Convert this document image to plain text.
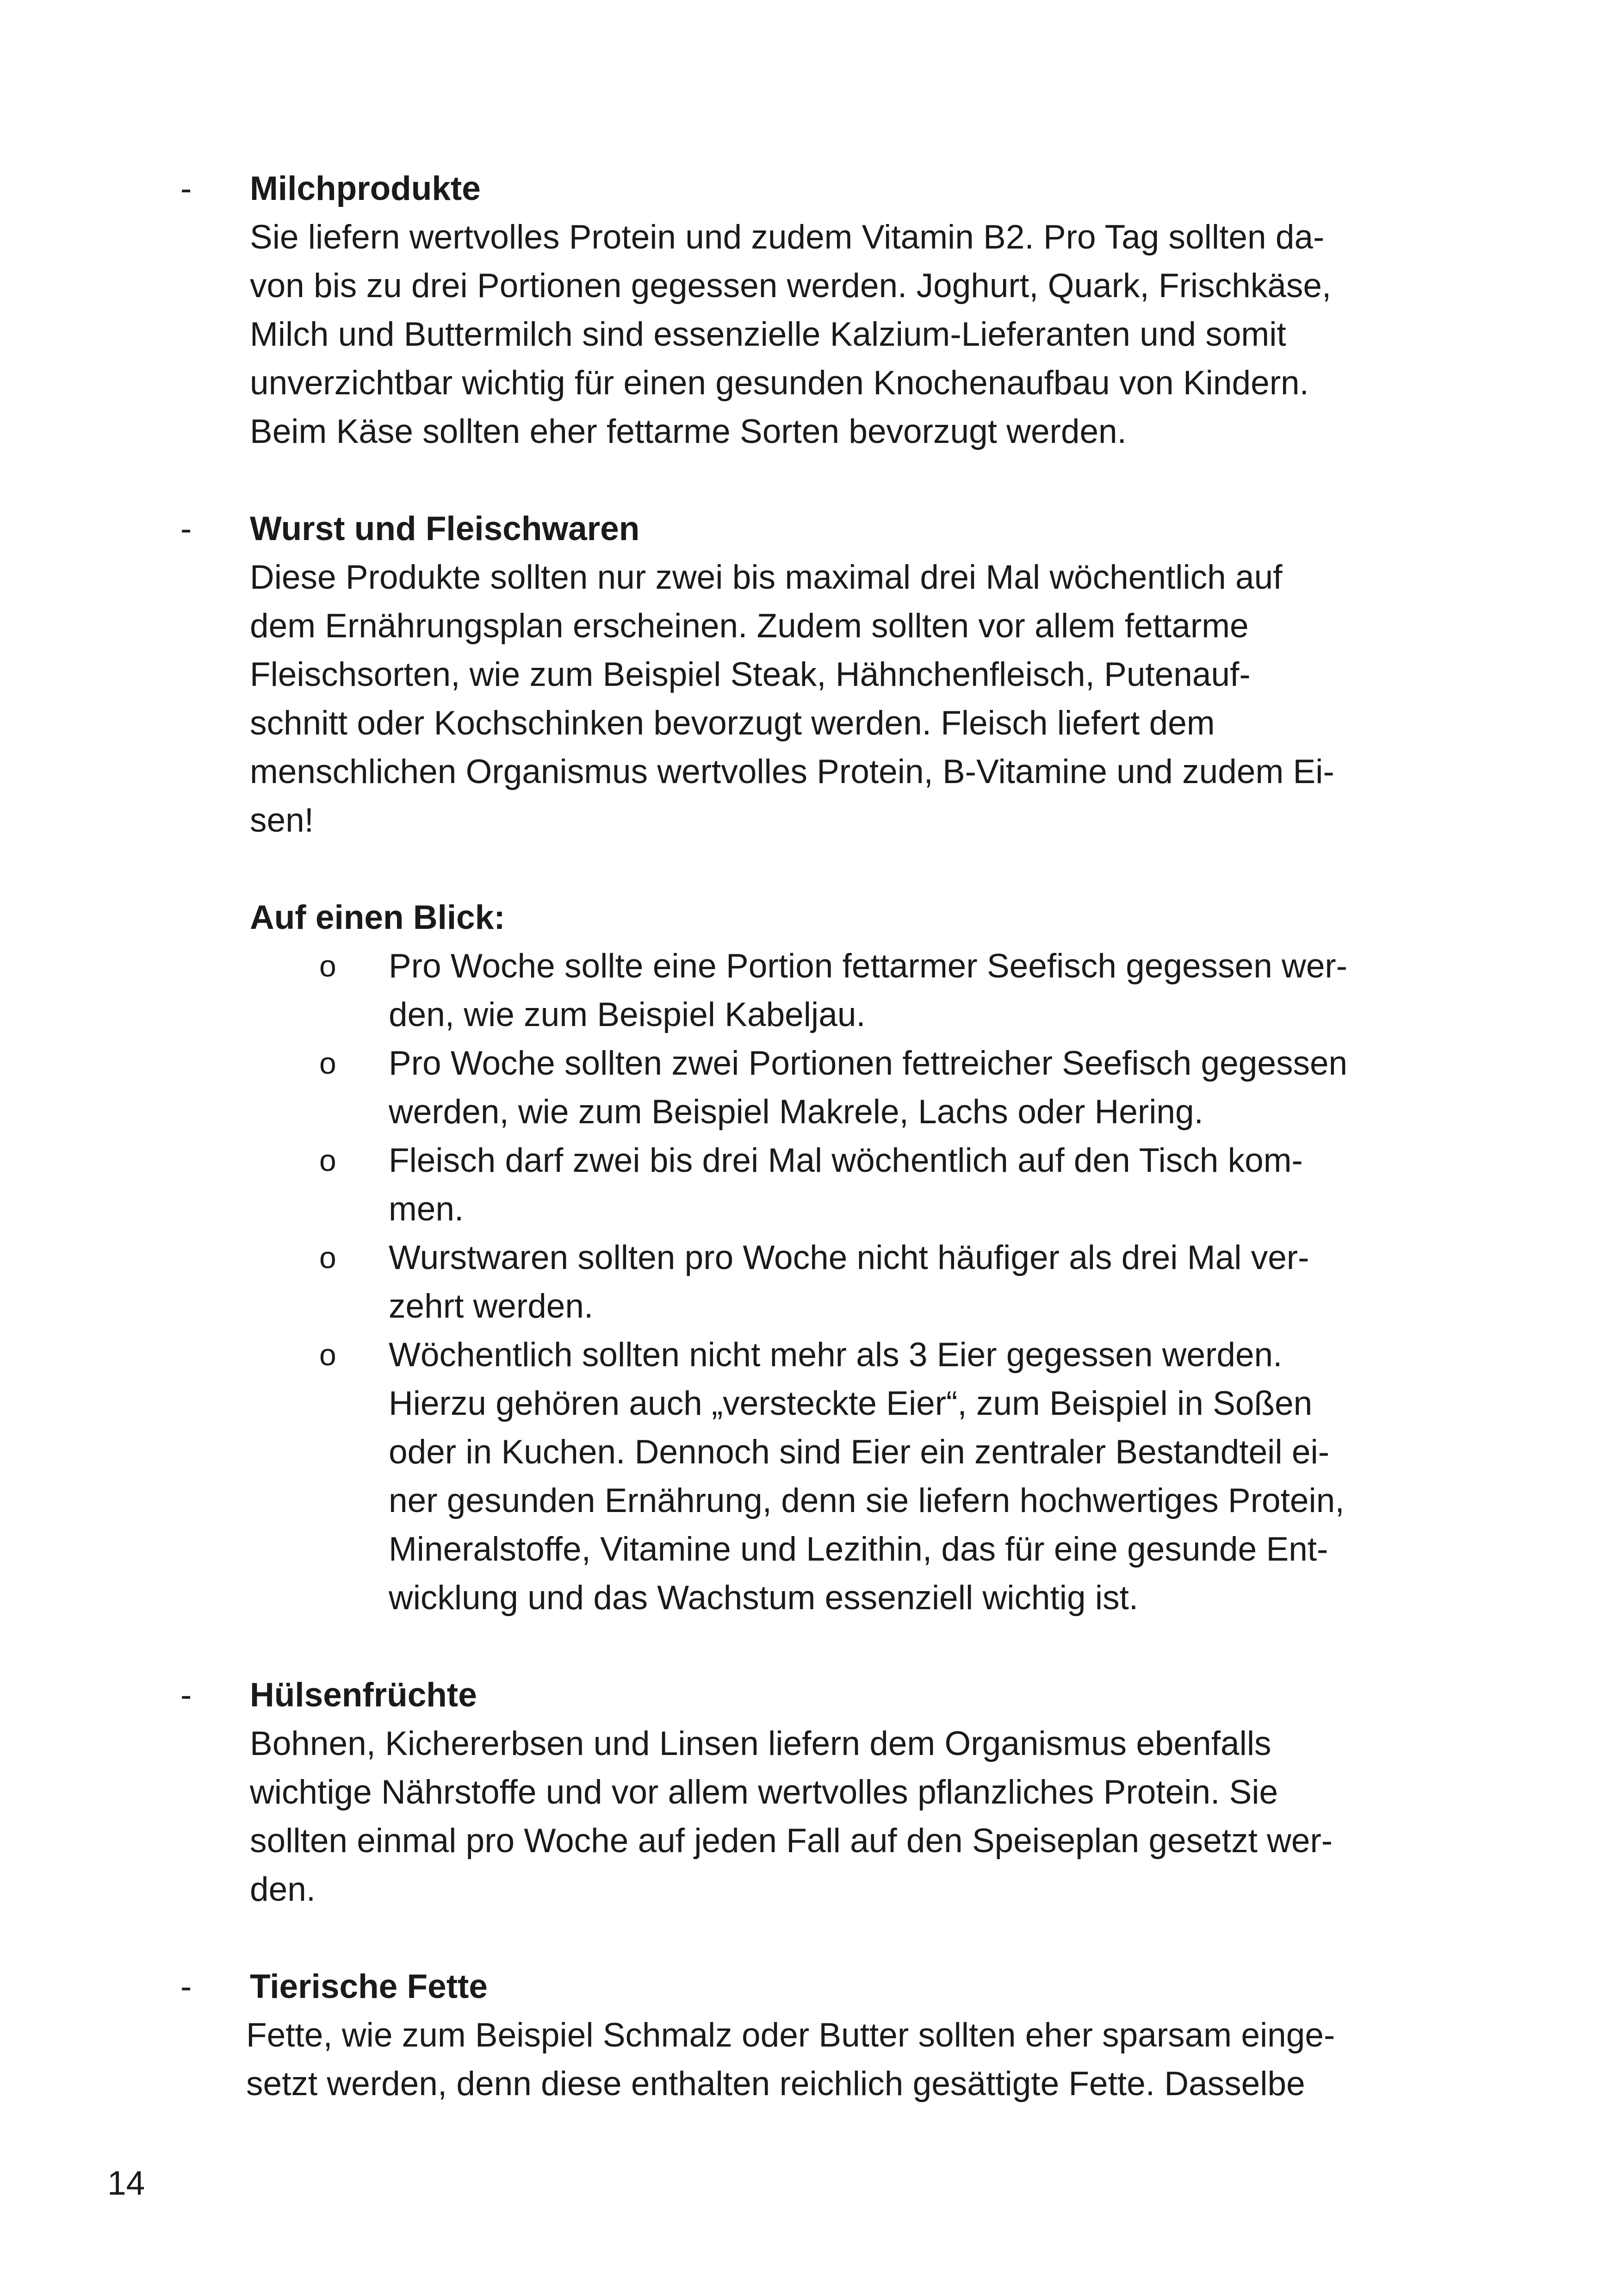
- Milchprodukte
Sie liefern wertvolles Protein und zudem Vitamin B2. Pro Tag sollten da-
von bis zu drei Portionen gegessen werden. Joghurt, Quark, Frischkäse,
Milch und Buttermilch sind essenzielle Kalzium-Lieferanten und somit
unverzichtbar wichtig für einen gesunden Knochenaufbau von Kindern.
Beim Käse sollten eher fettarme Sorten bevorzugt werden.
- Wurst und Fleischwaren
Diese Produkte sollten nur zwei bis maximal drei Mal wöchentlich auf
dem Ernährungsplan erscheinen. Zudem sollten vor allem fettarme
Fleischsorten, wie zum Beispiel Steak, Hähnchenfleisch, Putenauf-
schnitt oder Kochschinken bevorzugt werden. Fleisch liefert dem
menschlichen Organismus wertvolles Protein, B-Vitamine und zudem Ei-
sen!
Auf einen Blick:
o Pro Woche sollte eine Portion fettarmer Seefisch gegessen wer-
den, wie zum Beispiel Kabeljau.
o Pro Woche sollten zwei Portionen fettreicher Seefisch gegessen
werden, wie zum Beispiel Makrele, Lachs oder Hering.
o Fleisch darf zwei bis drei Mal wöchentlich auf den Tisch kom-
men.
o Wurstwaren sollten pro Woche nicht häufiger als drei Mal ver-
zehrt werden.
o Wöchentlich sollten nicht mehr als 3 Eier gegessen werden.
Hierzu gehören auch „versteckte Eier“, zum Beispiel in Soßen
oder in Kuchen. Dennoch sind Eier ein zentraler Bestandteil ei-
ner gesunden Ernährung, denn sie liefern hochwertiges Protein,
Mineralstoffe, Vitamine und Lezithin, das für eine gesunde Ent-
wicklung und das Wachstum essenziell wichtig ist.
- Hülsenfrüchte
Bohnen, Kichererbsen und Linsen liefern dem Organismus ebenfalls
wichtige Nährstoffe und vor allem wertvolles pflanzliches Protein. Sie
sollten einmal pro Woche auf jeden Fall auf den Speiseplan gesetzt wer-
den.
- Tierische Fette
Fette, wie zum Beispiel Schmalz oder Butter sollten eher sparsam einge-
setzt werden, denn diese enthalten reichlich gesättigte Fette. Dasselbe
14
